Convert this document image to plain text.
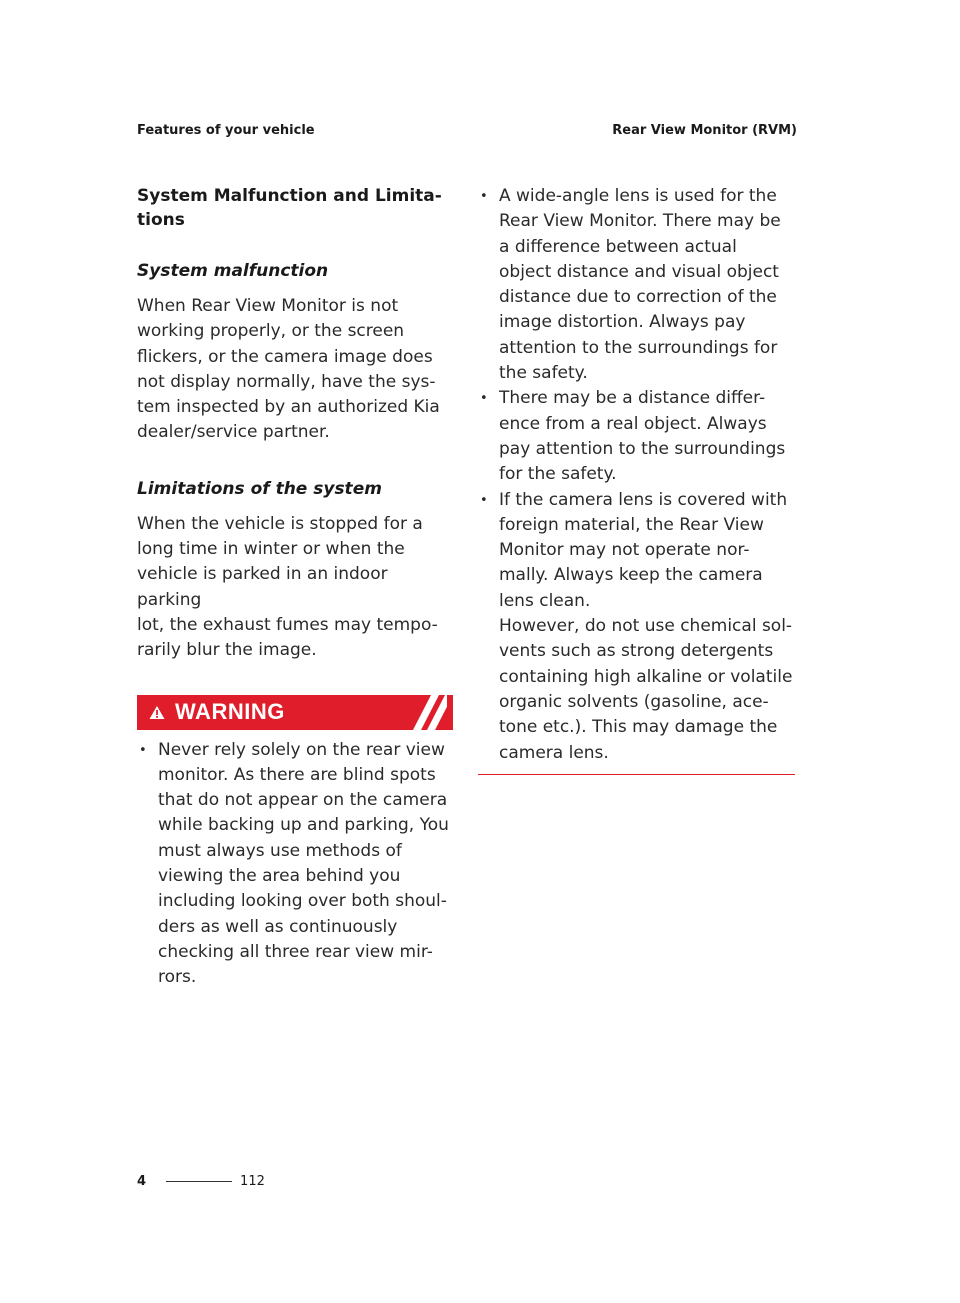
Features of your vehicle	Rear View Monitor (RVM)
System Malfunction and Limita-
tions
System malfunction

When Rear View Monitor is not
working properly, or the screen
flickers, or the camera image does
not display normally, have the sys-
tem inspected by an authorized Kia
dealer/service partner.

Limitations of the system

When the vehicle is stopped for a
long time in winter or when the
vehicle is parked in an indoor parking
lot, the exhaust fumes may tempo-
rarily blur the image.

WARNING
• Never rely solely on the rear view
monitor. As there are blind spots
that do not appear on the camera
while backing up and parking, You
must always use methods of
viewing the area behind you
including looking over both shoul-
ders as well as continuously
checking all three rear view mir-
rors.
• A wide-angle lens is used for the
Rear View Monitor. There may be
a difference between actual
object distance and visual object
distance due to correction of the
image distortion. Always pay
attention to the surroundings for
the safety.
• There may be a distance differ-
ence from a real object. Always
pay attention to the surroundings
for the safety.
• If the camera lens is covered with
foreign material, the Rear View
Monitor may not operate nor-
mally. Always keep the camera
lens clean.
However, do not use chemical sol-
vents such as strong detergents
containing high alkaline or volatile
organic solvents (gasoline, ace-
tone etc.). This may damage the
camera lens.
4	112
